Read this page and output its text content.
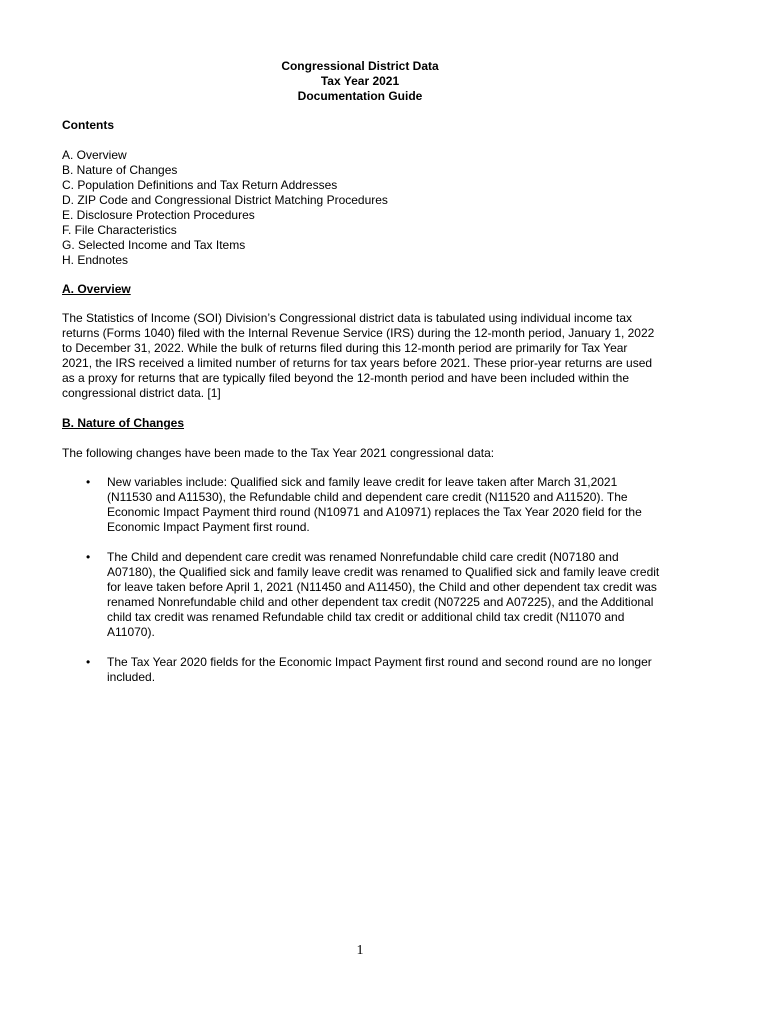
Congressional District Data
Tax Year 2021
Documentation Guide
Contents
A. Overview
B. Nature of Changes
C. Population Definitions and Tax Return Addresses
D. ZIP Code and Congressional District Matching Procedures
E. Disclosure Protection Procedures
F. File Characteristics
G. Selected Income and Tax Items
H. Endnotes
A. Overview

The Statistics of Income (SOI) Division’s Congressional district data is tabulated using individual income tax returns (Forms 1040) filed with the Internal Revenue Service (IRS) during the 12-month period, January 1, 2022 to December 31, 2022. While the bulk of returns filed during this 12-month period are primarily for Tax Year 2021, the IRS received a limited number of returns for tax years before 2021. These prior-year returns are used as a proxy for returns that are typically filed beyond the 12-month period and have been included within the congressional district data. [1]

B. Nature of Changes

The following changes have been made to the Tax Year 2021 congressional data:

• New variables include: Qualified sick and family leave credit for leave taken after March 31,2021 (N11530 and A11530), the Refundable child and dependent care credit (N11520 and A11520). The Economic Impact Payment third round (N10971 and A10971) replaces the Tax Year 2020 field for the Economic Impact Payment first round.
• The Child and dependent care credit was renamed Nonrefundable child care credit (N07180 and A07180), the Qualified sick and family leave credit was renamed to Qualified sick and family leave credit for leave taken before April 1, 2021 (N11450 and A11450), the Child and other dependent tax credit was renamed Nonrefundable child and other dependent tax credit (N07225 and A07225), and the Additional child tax credit was renamed Refundable child tax credit or additional child tax credit (N11070 and A11070).
• The Tax Year 2020 fields for the Economic Impact Payment first round and second round are no longer included.
1
